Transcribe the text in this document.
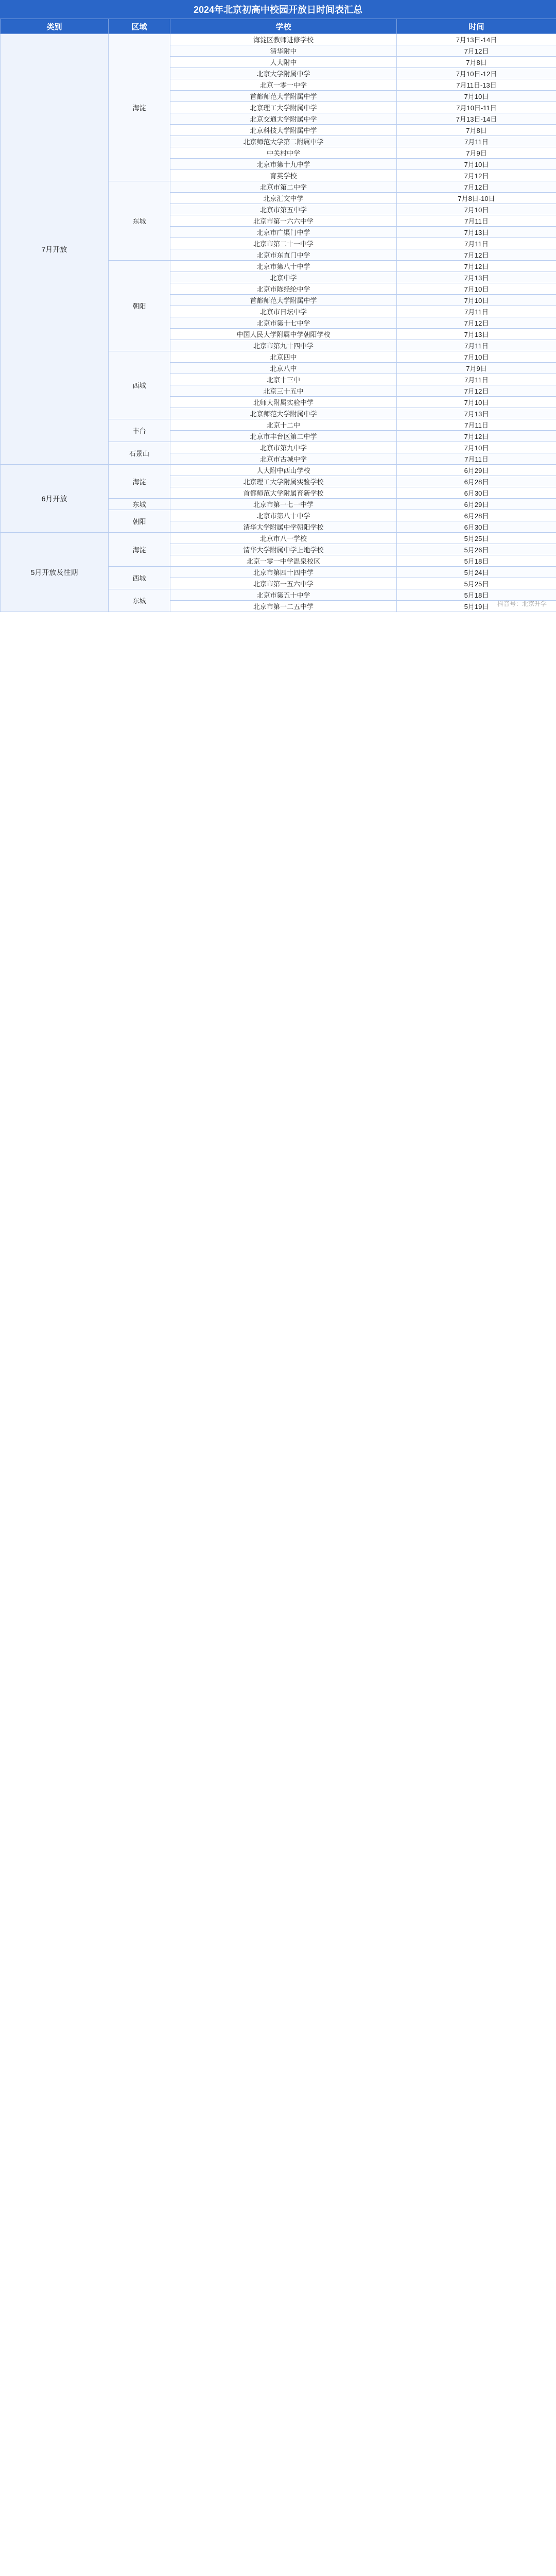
2024年北京初高中校园开放日时间表汇总
类别	区域	学校	时间
7月开放	海淀	海淀区教师进修学校	7月13日-14日
		清华附中	7月12日
		人大附中	7月8日
		北京大学附属中学	7月10日-12日
		北京一零一中学	7月11日-13日
		首都师范大学附属中学	7月10日
		北京理工大学附属中学	7月10日-11日
		北京交通大学附属中学	7月13日-14日
		北京科技大学附属中学	7月8日
		北京师范大学第二附属中学	7月11日
		中关村中学	7月9日
		北京市第十九中学	7月10日
		育英学校	7月12日
	东城	北京市第二中学	7月12日
		北京汇文中学	7月8日-10日
		北京市第五中学	7月10日
		北京市第一六六中学	7月11日
		北京市广渠门中学	7月13日
		北京市第二十一中学	7月11日
		北京市东直门中学	7月12日
	朝阳	北京市第八十中学	7月12日
		北京中学	7月13日
		北京市陈经纶中学	7月10日
		首都师范大学附属中学	7月10日
		北京市日坛中学	7月11日
		北京市第十七中学	7月12日
		中国人民大学附属中学朝阳学校	7月13日
		北京市第九十四中学	7月11日
	西城	北京四中	7月10日
		北京八中	7月9日
		北京十三中	7月11日
		北京三十五中	7月12日
		北师大附属实验中学	7月10日
		北京师范大学附属中学	7月13日
	丰台	北京十二中	7月11日
		北京市丰台区第二中学	7月12日
	石景山	北京市第九中学	7月10日
		北京市古城中学	7月11日
6月开放	海淀	人大附中西山学校	6月29日
		北京理工大学附属实验学校	6月28日
		首都师范大学附属育新学校	6月30日
	东城	北京市第一七一中学	6月29日
	朝阳	北京市第八十中学	6月28日
		清华大学附属中学朝阳学校	6月30日
5月开放及往期	海淀	北京市八一学校	5月25日
		清华大学附属中学上地学校	5月26日
		北京一零一中学温泉校区	5月18日
	西城	北京市第四十四中学	5月24日
		北京市第一五六中学	5月25日
	东城	北京市第五十中学	5月18日
		北京市第一二五中学	5月19日 抖音号：北京升学
